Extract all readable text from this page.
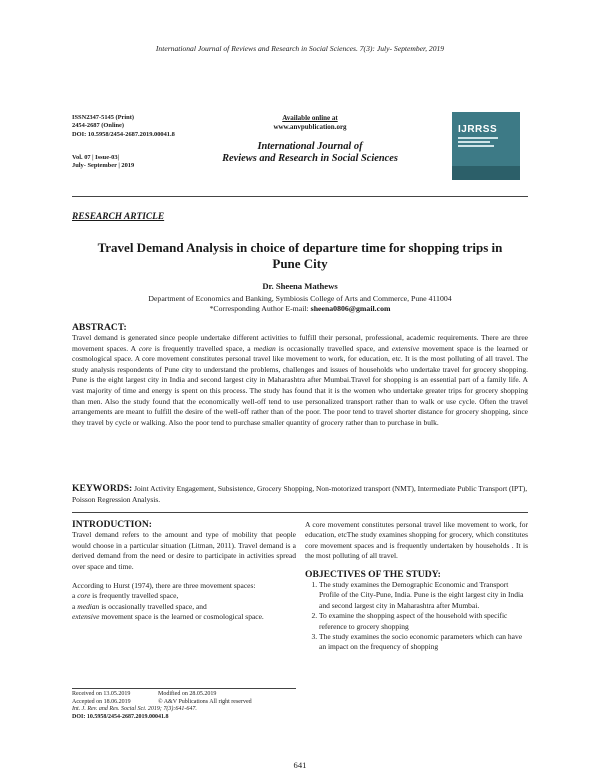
International Journal of Reviews and Research in Social Sciences. 7(3): July- September, 2019
ISSN2347-5145 (Print)
2454-2687 (Online)
DOI: 10.5958/2454-2687.2019.00041.8
Vol. 07 | Issue-03|
July- September | 2019
Available online at
www.anvpublication.org
International Journal of
Reviews and Research in Social Sciences
IJRRSS
RESEARCH ARTICLE
Travel Demand Analysis in choice of departure time for shopping trips in
Pune City
Dr. Sheena Mathews
Department of Economics and Banking, Symbiosis College of Arts and Commerce, Pune 411004
*Corresponding Author E-mail: sheena0806@gmail.com
ABSTRACT:
Travel demand is generated since people undertake different activities to fulfill their personal, professional, academic requirements. There are three movement spaces. A core is frequently travelled space, a median is occasionally travelled space, and extensive movement space is the learned or cosmological space. A core movement constitutes personal travel like movement to work, for education, etc. It is the most polluting of all travel. The study analysis respondents of Pune city to understand the problems, challenges and issues of households who undertake travel for grocery shopping. Pune is the eight largest city in India and second largest city in Maharashtra after Mumbai.Travel for shopping is an essential part of a family life. A vast majority of time and energy is spent on this process. The study has found that it is the women who undertake greater trips for grocery shopping than men. Also the study found that the economically well-off tend to use personalized transport rather than to walk or use cycle. Often the travel arrangements are meant to fulfill the desire of the well-off rather than of the poor. The poor tend to travel shorter distance for grocery shopping, since they travel by cycle or walking. Also the poor tend to purchase smaller quantity of grocery rather than to purchase in bulk.
KEYWORDS: Joint Activity Engagement, Subsistence, Grocery Shopping, Non-motorized transport (NMT), Intermediate Public Transport (IPT), Poisson Regression Analysis.
INTRODUCTION:
Travel demand refers to the amount and type of mobility that people would choose in a particular situation (Litman, 2011). Travel demand is a derived demand from the need or desire to participate in activities spread over space and time.
According to Hurst (1974), there are three movement spaces:
a core is frequently travelled space,
a median is occasionally travelled space, and
extensive movement space is the learned or cosmological space.
A core movement constitutes personal travel like movement to work, for education, etcThe study examines shopping for grocery, which constitutes core movement spaces and is frequently undertaken by households . It is the most polluting of all travel.
OBJECTIVES OF THE STUDY:
1. The study examines the Demographic Economic and Transport Profile of the City-Pune, India. Pune is the eight largest city in India and second largest city in Maharashtra after Mumbai.
2. To examine the shopping aspect of the household with specific reference to grocery shopping
3. The study examines the socio economic parameters which can have an impact on the frequency of shopping
Received on 13.05.2019	Modified on 28.05.2019
Accepted on 18.06.2019	© A&V Publications All right reserved
Int. J. Rev. and Res. Social Sci. 2019; 7(3):641-647.
DOI: 10.5958/2454-2687.2019.00041.8
641
